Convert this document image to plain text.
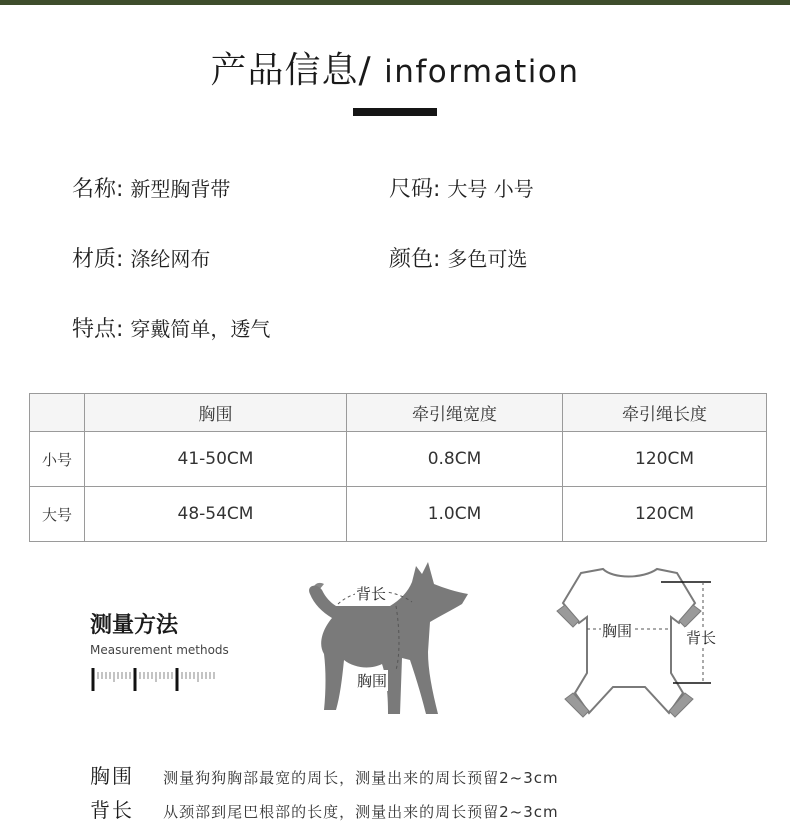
产品信息/ information
名称: 新型胸背带	尺码: 大号 小号
材质: 涤纶网布	颜色: 多色可选
特点: 穿戴简单，透气
	胸围	牵引绳宽度	牵引绳长度
小号	41-50CM	0.8CM	120CM
大号	48-54CM	1.0CM	120CM
测量方法
Measurement methods
背长
胸围
胸围	背长
胸围 测量狗狗胸部最宽的周长，测量出来的周长预留2~3cm
背长 从颈部到尾巴根部的长度，测量出来的周长预留2~3cm
